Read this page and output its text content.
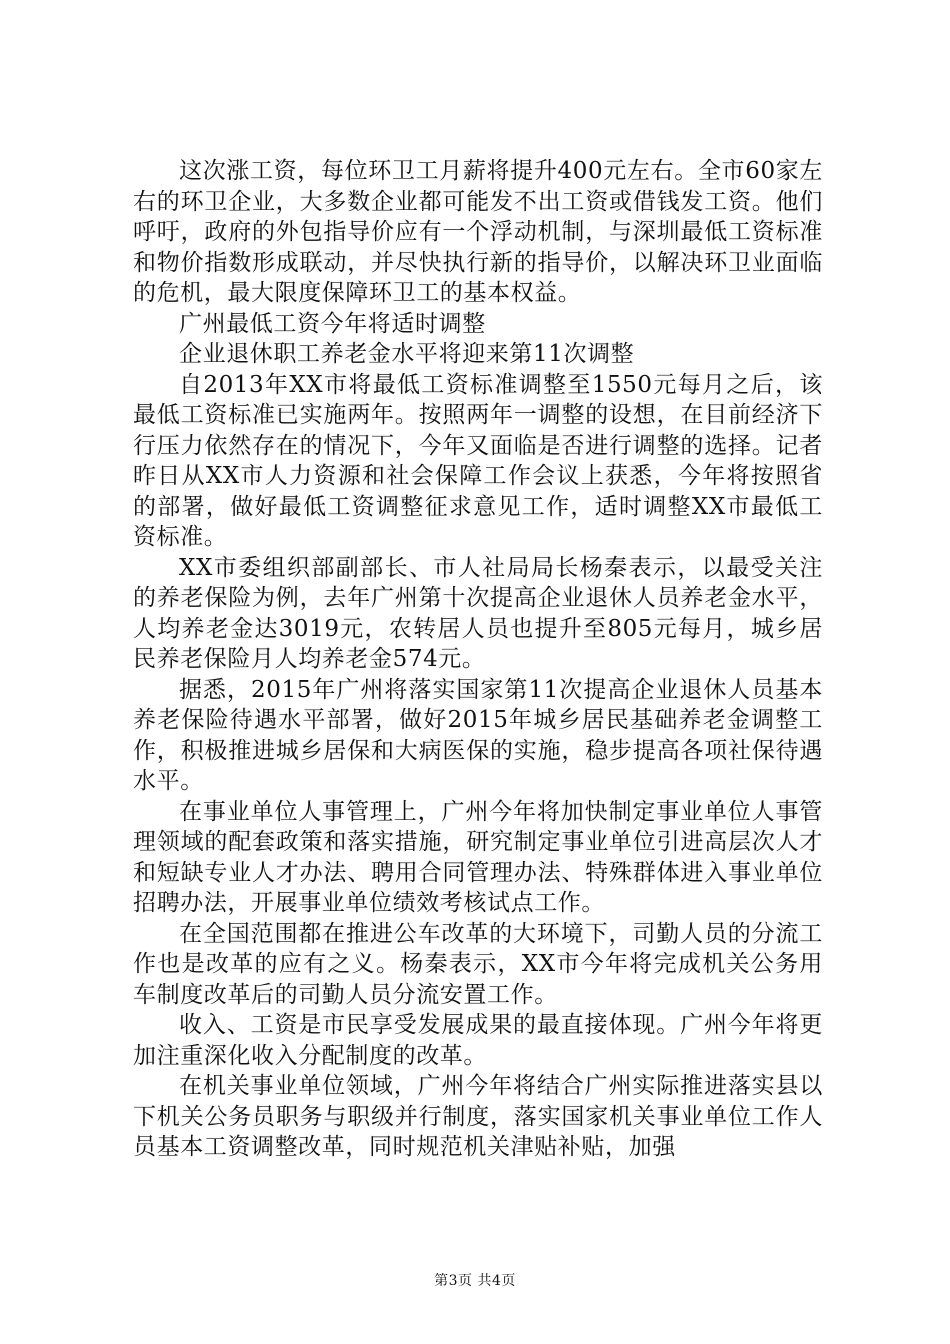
这次涨工资，每位环卫工月薪将提升400元左右。全市60家左右的环卫企业，大多数企业都可能发不出工资或借钱发工资。他们呼吁，政府的外包指导价应有一个浮动机制，与深圳最低工资标准和物价指数形成联动，并尽快执行新的指导价，以解决环卫业面临的危机，最大限度保障环卫工的基本权益。

广州最低工资今年将适时调整

企业退休职工养老金水平将迎来第11次调整

自2013年XX市将最低工资标准调整至1550元每月之后，该最低工资标准已实施两年。按照两年一调整的设想，在目前经济下行压力依然存在的情况下，今年又面临是否进行调整的选择。记者昨日从XX市人力资源和社会保障工作会议上获悉，今年将按照省的部署，做好最低工资调整征求意见工作，适时调整XX市最低工资标准。

XX市委组织部副部长、市人社局局长杨秦表示，以最受关注的养老保险为例，去年广州第十次提高企业退休人员养老金水平，人均养老金达3019元，农转居人员也提升至805元每月，城乡居民养老保险月人均养老金574元。

据悉，2015年广州将落实国家第11次提高企业退休人员基本养老保险待遇水平部署，做好2015年城乡居民基础养老金调整工作，积极推进城乡居保和大病医保的实施，稳步提高各项社保待遇水平。

在事业单位人事管理上，广州今年将加快制定事业单位人事管理领域的配套政策和落实措施，研究制定事业单位引进高层次人才和短缺专业人才办法、聘用合同管理办法、特殊群体进入事业单位招聘办法，开展事业单位绩效考核试点工作。

在全国范围都在推进公车改革的大环境下，司勤人员的分流工作也是改革的应有之义。杨秦表示，XX市今年将完成机关公务用车制度改革后的司勤人员分流安置工作。

收入、工资是市民享受发展成果的最直接体现。广州今年将更加注重深化收入分配制度的改革。

在机关事业单位领域，广州今年将结合广州实际推进落实县以下机关公务员职务与职级并行制度，落实国家机关事业单位工作人员基本工资调整改革，同时规范机关津贴补贴，加强

第3页 共4页
